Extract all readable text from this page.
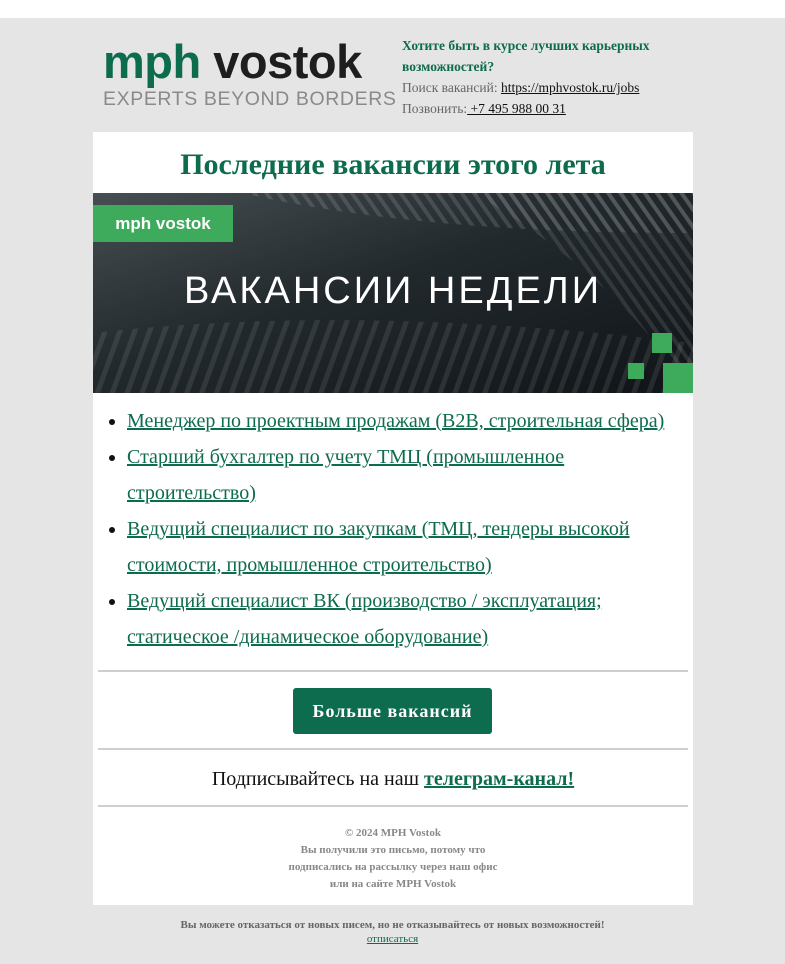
mph vostok
EXPERTS BEYOND BORDERS
Хотите быть в курсе лучших карьерных возможностей?
Поиск вакансий: https://mphvostok.ru/jobs
Позвонить: +7 495 988 00 31
Последние вакансии этого лета
mph vostok
ВАКАНСИИ НЕДЕЛИ
• Менеджер по проектным продажам (B2B, строительная сфера)
• Старший бухгалтер по учету ТМЦ (промышленное строительство)
• Ведущий специалист по закупкам (ТМЦ, тендеры высокой стоимости, промышленное строительство)
• Ведущий специалист ВК (производство / эксплуатация; статическое /динамическое оборудование)
Больше вакансий
Подписывайтесь на наш телеграм-канал!
© 2024 MPH Vostok
Вы получили это письмо, потому что
подписались на рассылку через наш офис
или на сайте MPH Vostok
Вы можете отказаться от новых писем, но не отказывайтесь от новых возможностей!
отписаться
